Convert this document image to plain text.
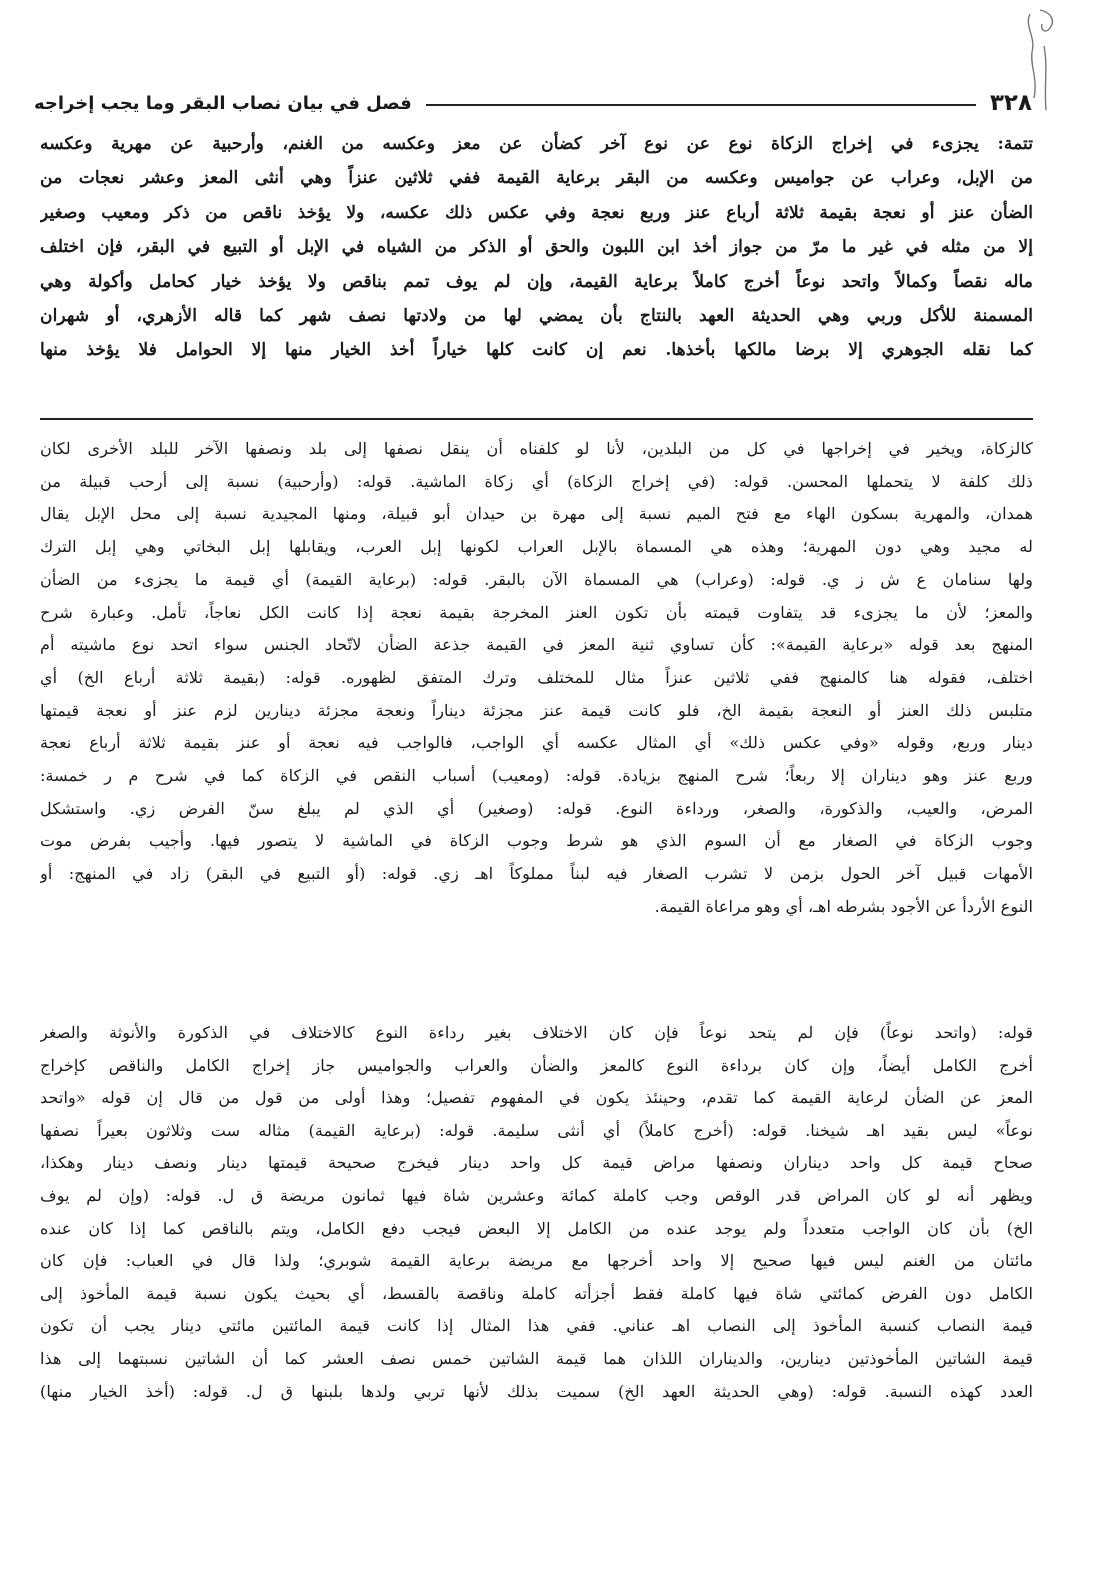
٣٢٨
فصل في بيان نصاب البقر وما يجب إخراجه
تتمة: يجزىء في إخراج الزكاة نوع عن نوع آخر كضأن عن معز وعكسه من الغنم، وأرحبية عن مهرية وعكسه
من الإبل، وعراب عن جواميس وعكسه من البقر برعاية القيمة ففي ثلاثين عنزاً وهي أنثى المعز وعشر نعجات من
الضأن عنز أو نعجة بقيمة ثلاثة أرباع عنز وربع نعجة وفي عكس ذلك عكسه، ولا يؤخذ ناقص من ذكر ومعيب وصغير
إلا من مثله في غير ما مرّ من جواز أخذ ابن اللبون والحق أو الذكر من الشياه في الإبل أو التبيع في البقر، فإن اختلف
ماله نقصاً وكمالاً واتحد نوعاً أخرج كاملاً برعاية القيمة، وإن لم يوف تمم بناقص ولا يؤخذ خيار كحامل وأكولة وهي
المسمنة للأكل وربي وهي الحديثة العهد بالنتاج بأن يمضي لها من ولادتها نصف شهر كما قاله الأزهري، أو شهران
كما نقله الجوهري إلا برضا مالكها بأخذها. نعم إن كانت كلها خياراً أخذ الخيار منها إلا الحوامل فلا يؤخذ منها
كالزكاة، ويخير في إخراجها في كل من البلدين، لأنا لو كلفناه أن ينقل نصفها إلى بلد ونصفها الآخر للبلد الأخرى لكان
ذلك كلفة لا يتحملها المحسن. قوله: (في إخراج الزكاة) أي زكاة الماشية. قوله: (وأرحبية) نسبة إلى أرحب قبيلة من
همدان، والمهرية بسكون الهاء مع فتح الميم نسبة إلى مهرة بن حيدان أبو قبيلة، ومنها المجيدية نسبة إلى محل الإبل يقال
له مجيد وهي دون المهرية؛ وهذه هي المسماة بالإبل العراب لكونها إبل العرب، ويقابلها إبل البخاتي وهي إبل الترك
ولها سنامان ع ش ز ي. قوله: (وعراب) هي المسماة الآن بالبقر. قوله: (برعاية القيمة) أي قيمة ما يجزىء من الضأن
والمعز؛ لأن ما يجزىء قد يتفاوت قيمته بأن تكون العنز المخرجة بقيمة نعجة إذا كانت الكل نعاجاً، تأمل. وعبارة شرح
المنهج بعد قوله «برعاية القيمة»: كأن تساوي ثنية المعز في القيمة جذعة الضأن لاتّحاد الجنس سواء اتحد نوع ماشيته أم
اختلف، فقوله هنا كالمنهج ففي ثلاثين عنزاً مثال للمختلف وترك المتفق لظهوره. قوله: (بقيمة ثلاثة أرباع الخ) أي
متلبس ذلك العنز أو النعجة بقيمة الخ، فلو كانت قيمة عنز مجزئة ديناراً ونعجة مجزئة دينارين لزم عنز أو نعجة قيمتها
دينار وربع، وقوله «وفي عكس ذلك» أي المثال عكسه أي الواجب، فالواجب فيه نعجة أو عنز بقيمة ثلاثة أرباع نعجة
وربع عنز وهو ديناران إلا ربعاً؛ شرح المنهج بزيادة. قوله: (ومعيب) أسباب النقص في الزكاة كما في شرح م ر خمسة:
المرض، والعيب، والذكورة، والصغر، ورداءة النوع. قوله: (وصغير) أي الذي لم يبلغ سنّ الفرض زي. واستشكل
وجوب الزكاة في الصغار مع أن السوم الذي هو شرط وجوب الزكاة في الماشية لا يتصور فيها. وأجيب بفرض موت
الأمهات قبيل آخر الحول بزمن لا تشرب الصغار فيه لبناً مملوكاً اهـ زي. قوله: (أو التبيع في البقر) زاد في المنهج: أو
النوع الأردأ عن الأجود بشرطه اهـ، أي وهو مراعاة القيمة.
قوله: (واتحد نوعاً) فإن لم يتحد نوعاً فإن كان الاختلاف بغير رداءة النوع كالاختلاف في الذكورة والأنوثة والصغر
أخرج الكامل أيضاً، وإن كان برداءة النوع كالمعز والضأن والعراب والجواميس جاز إخراج الكامل والناقص كإخراج
المعز عن الضأن لرعاية القيمة كما تقدم، وحينئذ يكون في المفهوم تفصيل؛ وهذا أولى من قول من قال إن قوله «واتحد
نوعاً» ليس بقيد اهـ شيخنا. قوله: (أخرج كاملاً) أي أنثى سليمة. قوله: (برعاية القيمة) مثاله ست وثلاثون بعيراً نصفها
صحاح قيمة كل واحد ديناران ونصفها مراض قيمة كل واحد دينار فيخرج صحيحة قيمتها دينار ونصف دينار وهكذا،
ويظهر أنه لو كان المراض قدر الوقص وجب كاملة كمائة وعشرين شاة فيها ثمانون مريضة ق ل. قوله: (وإن لم يوف
الخ) بأن كان الواجب متعدداً ولم يوجد عنده من الكامل إلا البعض فيجب دفع الكامل، ويتم بالناقص كما إذا كان عنده
مائتان من الغنم ليس فيها صحيح إلا واحد أخرجها مع مريضة برعاية القيمة شوبري؛ ولذا قال في العباب: فإن كان
الكامل دون الفرض كمائتي شاة فيها كاملة فقط أجزأته كاملة وناقصة بالقسط، أي بحيث يكون نسبة قيمة المأخوذ إلى
قيمة النصاب كنسبة المأخوذ إلى النصاب اهـ عناني. ففي هذا المثال إذا كانت قيمة المائتين مائتي دينار يجب أن تكون
قيمة الشاتين المأخوذتين دينارين، والديناران اللذان هما قيمة الشاتين خمس نصف العشر كما أن الشاتين نسبتهما إلى هذا
العدد كهذه النسبة. قوله: (وهي الحديثة العهد الخ) سميت بذلك لأنها تربي ولدها بلبنها ق ل. قوله: (أخذ الخيار منها)
